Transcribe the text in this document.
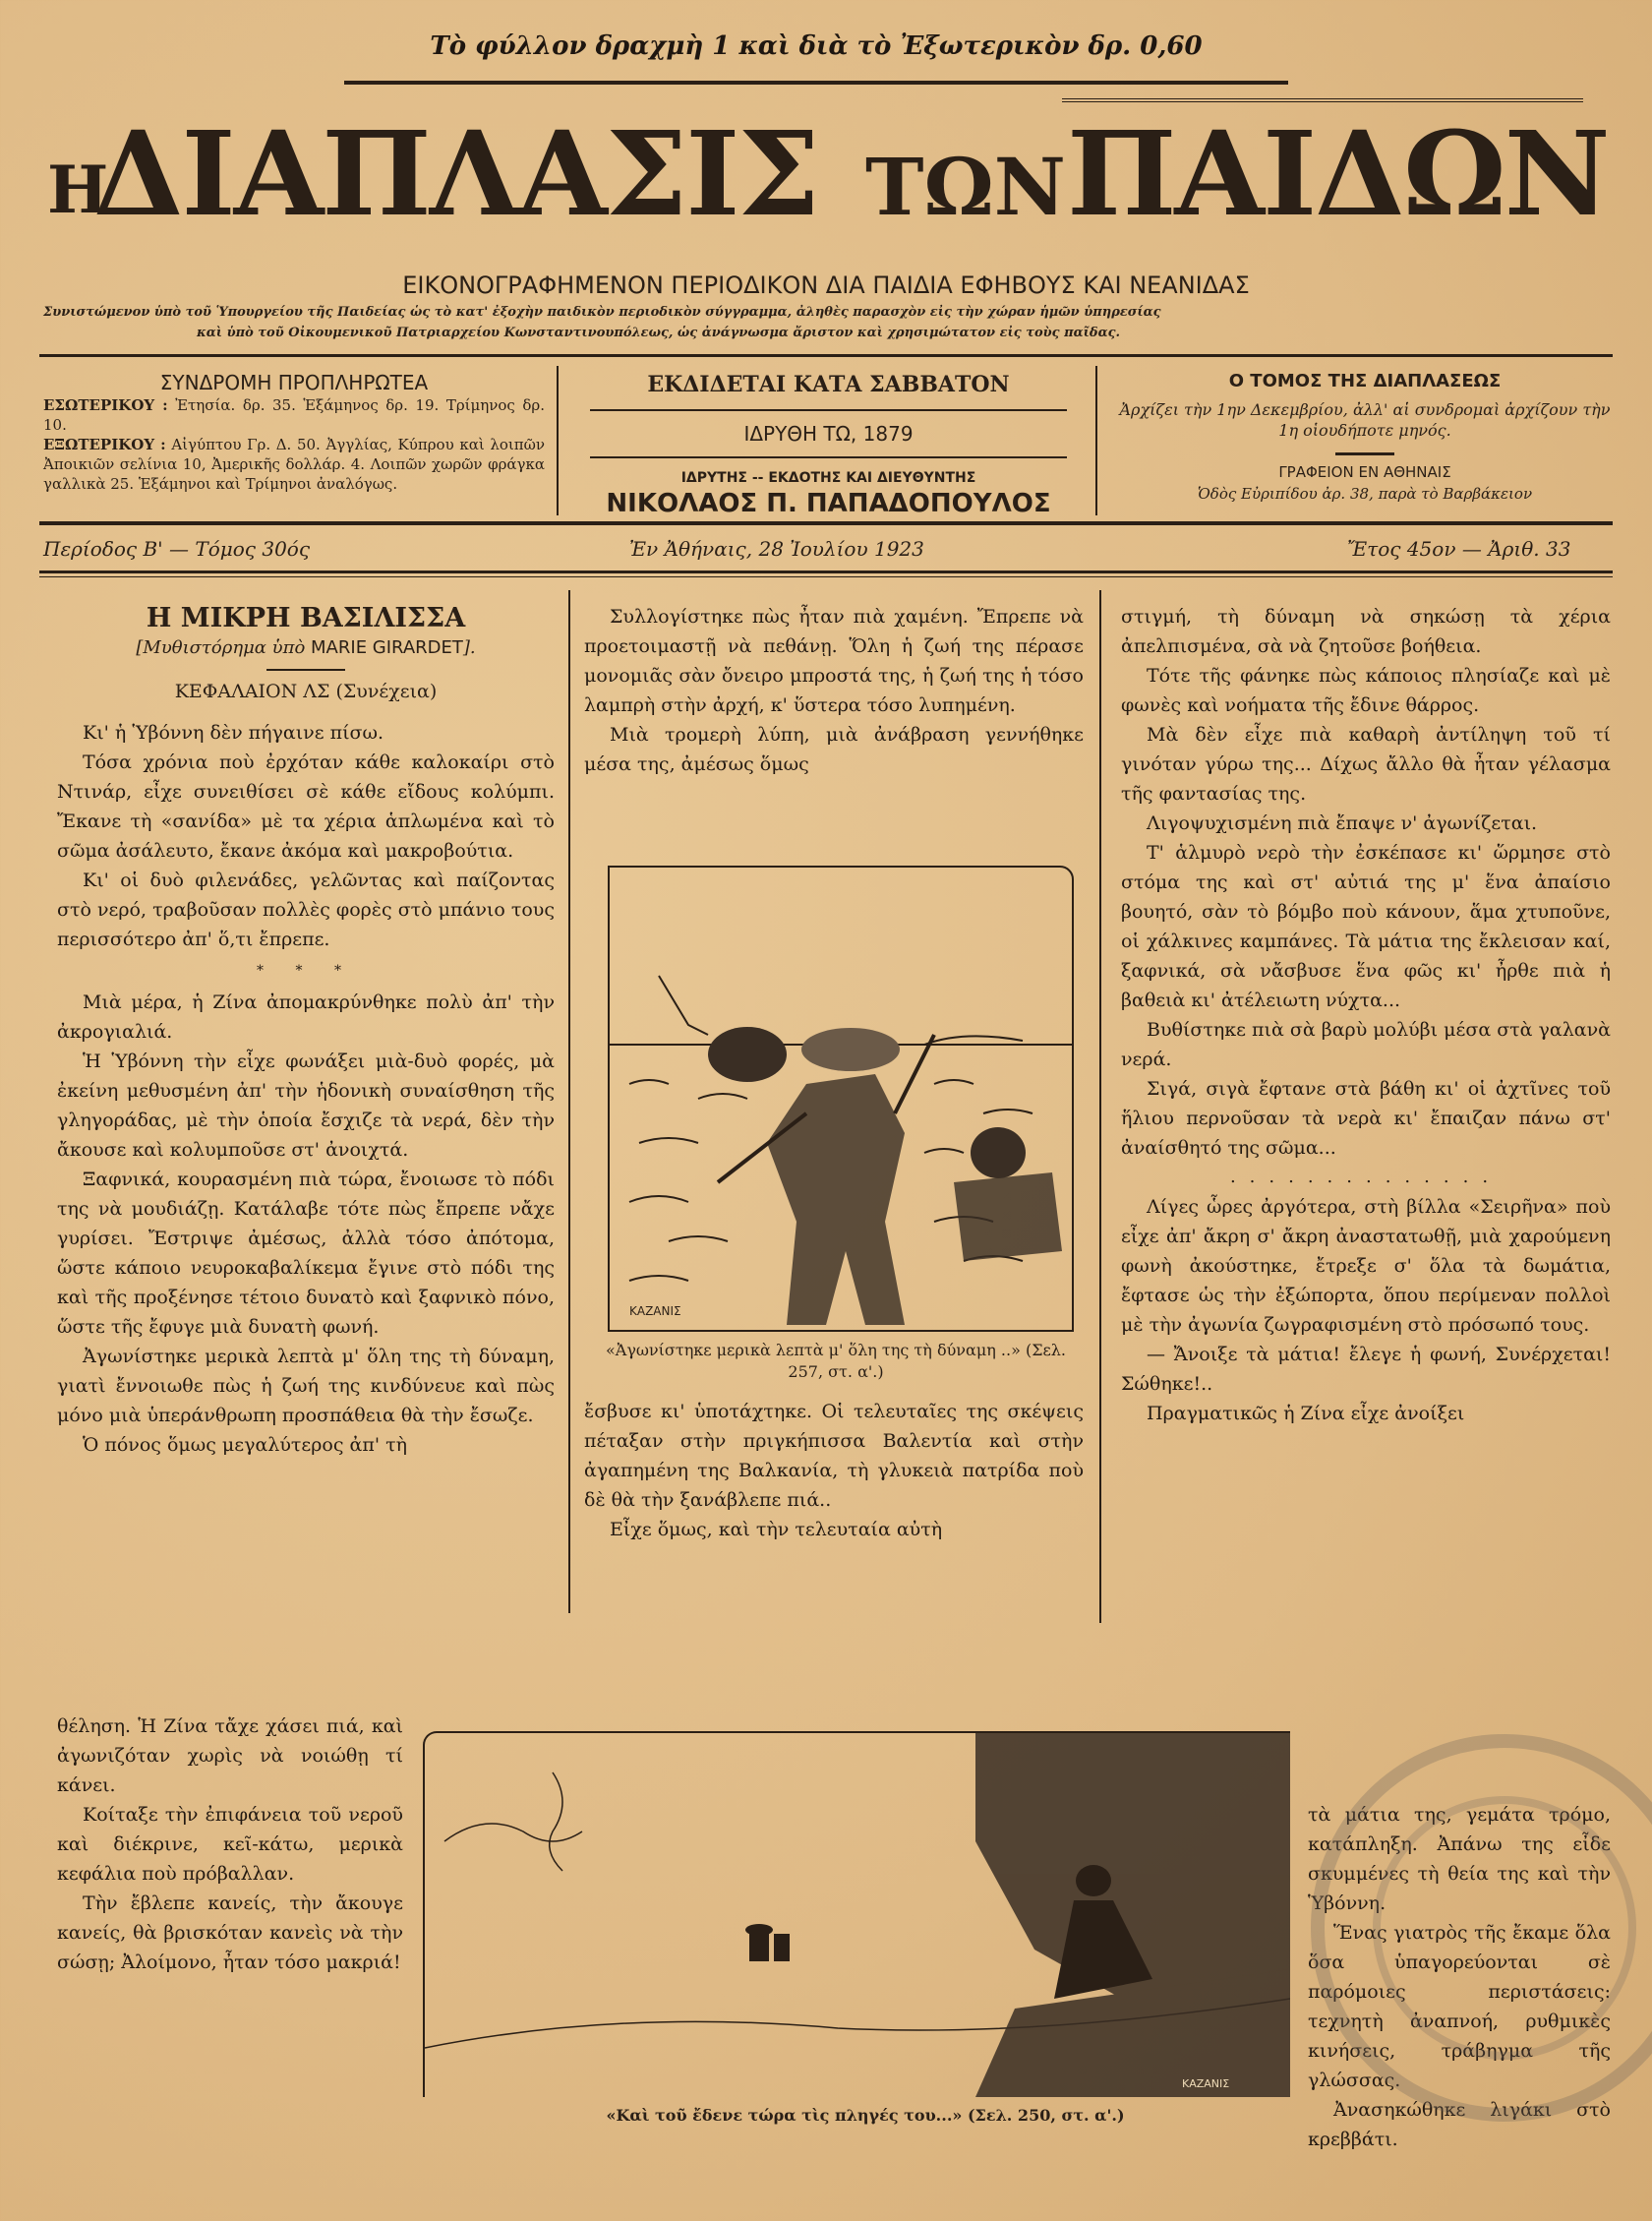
Τὸ φύλλον δραχμὴ 1 καὶ διὰ τὸ Ἐξωτερικὸν δρ. 0,60
Η
ΔΙΑΠΛΑΣΙΣ ΤΩΝ ΠΑΙΔΩΝ
ΕΙΚΟΝΟΓΡΑΦΗΜΕΝΟΝ ΠΕΡΙΟΔΙΚΟΝ ΔΙΑ ΠΑΙΔΙΑ ΕΦΗΒΟΥΣ ΚΑΙ ΝΕΑΝΙΔΑΣ
Συνιστώμενον ὑπὸ τοῦ Ὑπουργείου τῆς Παιδείας ὡς τὸ κατ' ἐξοχὴν παιδικὸν περιοδικὸν σύγγραμμα, ἀληθὲς παρασχὸν εἰς τὴν χώραν ἡμῶν ὑπηρεσίας
καὶ ὑπὸ τοῦ Οἰκουμενικοῦ Πατριαρχείου Κωνσταντινουπόλεως, ὡς ἀνάγνωσμα ἄριστον καὶ χρησιμώτατον εἰς τοὺς παῖδας.
ΣΥΝΔΡΟΜΗ ΠΡΟΠΛΗΡΩΤΕΑ
ΕΣΩΤΕΡΙΚΟΥ : Ἐτησία. δρ. 35. Ἑξάμηνος δρ. 19. Τρίμηνος δρ. 10.
ΕΞΩΤΕΡΙΚΟΥ : Αἰγύπτου Γρ. Δ. 50. Ἀγγλίας, Κύπρου καὶ λοιπῶν Ἀποικιῶν σελίνια 10, Ἀμερικῆς δολλάρ. 4. Λοιπῶν χωρῶν φράγκα γαλλικὰ 25. Ἑξάμηνοι καὶ Τρίμηνοι ἀναλόγως.
ΕΚΔΙΔΕΤΑΙ ΚΑΤΑ ΣΑΒΒΑΤΟΝ
ΙΔΡΥΘΗ ΤΩ, 1879
ΙΔΡΥΤΗΣ -- ΕΚΔΟΤΗΣ ΚΑΙ ΔΙΕΥΘΥΝΤΗΣ
ΝΙΚΟΛΑΟΣ Π. ΠΑΠΑΔΟΠΟΥΛΟΣ
Ο ΤΟΜΟΣ ΤΗΣ ΔΙΑΠΛΑΣΕΩΣ
Ἀρχίζει τὴν 1ην Δεκεμβρίου, ἀλλ' αἱ συνδρομαὶ ἀρχίζουν τὴν 1η οἱουδήποτε μηνός.
ΓΡΑΦΕΙΟΝ ΕΝ ΑΘΗΝΑΙΣ
Ὁδὸς Εὐριπίδου ἀρ. 38, παρὰ τὸ Βαρβάκειον
Περίοδος Β' — Τόμος 30ός	Ἐν Ἀθήναις, 28 Ἰουλίου 1923	Ἔτος 45ον — Ἀριθ. 33
Η ΜΙΚΡΗ ΒΑΣΙΛΙΣΣΑ
[Μυθιστόρημα ὑπὸ MARIE GIRARDET].
ΚΕΦΑΛΑΙΟΝ ΛΣ (Συνέχεια)

Κι' ἡ Ὑβόννη δὲν πήγαινε πίσω.

Τόσα χρόνια ποὺ ἐρχόταν κάθε καλοκαίρι στὸ Ντινάρ, εἶχε συνειθίσει σὲ κάθε εἴδους κολύμπι. Ἔκανε τὴ «σανίδα» μὲ τα χέρια ἁπλωμένα καὶ τὸ σῶμα ἀσάλευτο, ἔκανε ἀκόμα καὶ μακροβούτια.

Κι' οἱ δυὸ φιλενάδες, γελῶντας καὶ παίζοντας στὸ νερό, τραβοῦσαν πολλὲς φορὲς στὸ μπάνιο τους περισσότερο ἀπ' ὅ,τι ἔπρεπε.

* * *

Μιὰ μέρα, ἡ Ζίνα ἀπομακρύνθηκε πολὺ ἀπ' τὴν ἀκρογιαλιά.

Ἡ Ὑβόννη τὴν εἶχε φωνάξει μιὰ-δυὸ φορές, μὰ ἐκείνη μεθυσμένη ἀπ' τὴν ἡδονικὴ συναίσθηση τῆς γληγοράδας, μὲ τὴν ὁποία ἔσχιζε τὰ νερά, δὲν τὴν ἄκουσε καὶ κολυμποῦσε στ' ἀνοιχτά.

Ξαφνικά, κουρασμένη πιὰ τώρα, ἔνοιωσε τὸ πόδι της νὰ μουδιάζῃ. Κατάλαβε τότε πὼς ἔπρεπε νἄχε γυρίσει. Ἔστριψε ἀμέσως, ἀλλὰ τόσο ἀπότομα, ὥστε κάποιο νευροκαβαλίκεμα ἔγινε στὸ πόδι της καὶ τῆς προξένησε τέτοιο δυνατὸ καὶ ξαφνικὸ πόνο, ὥστε τῆς ἔφυγε μιὰ δυνατὴ φωνή.

Ἀγωνίστηκε μερικὰ λεπτὰ μ' ὅλη της τὴ δύναμη, γιατὶ ἔννοιωθε πὼς ἡ ζωή της κινδύνευε καὶ πὼς μόνο μιὰ ὑπεράνθρωπη προσπάθεια θὰ τὴν ἔσωζε.

Ὁ πόνος ὅμως μεγαλύτερος ἀπ' τὴ

θέληση. Ἡ Ζίνα τἄχε χάσει πιά, καὶ ἀγωνιζόταν χωρὶς νὰ νοιώθῃ τί κάνει.

Κοίταξε τὴν ἐπιφάνεια τοῦ νεροῦ καὶ διέκρινε, κεῖ-κάτω, μερικὰ κεφάλια ποὺ πρόβαλλαν.

Τὴν ἔβλεπε κανείς, τὴν ἄκουγε κανείς, θὰ βρισκόταν κανεὶς νὰ τὴν σώσῃ; Ἀλοίμονο, ἦταν τόσο μακριά!

Συλλογίστηκε πὼς ἦταν πιὰ χαμένη. Ἔπρεπε νὰ προετοιμαστῇ νὰ πεθάνῃ. Ὅλη ἡ ζωή της πέρασε μονομιᾶς σὰν ὄνειρο μπροστά της, ἡ ζωή της ἡ τόσο λαμπρὴ στὴν ἀρχή, κ' ὕστερα τόσο λυπημένη.

Μιὰ τρομερὴ λύπη, μιὰ ἀνάβραση γεννήθηκε μέσα της, ἀμέσως ὅμως

ΚΑΖΑΝΙΣ
«Ἀγωνίστηκε μερικὰ λεπτὰ μ' ὅλη της τὴ δύναμη ..» (Σελ. 257, στ. α'.)

ἔσβυσε κι' ὑποτάχτηκε. Οἱ τελευταῖες της σκέψεις πέταξαν στὴν πριγκήπισσα Βαλεντία καὶ στὴν ἀγαπημένη της Βαλκανία, τὴ γλυκειὰ πατρίδα ποὺ δὲ θὰ τὴν ξανάβλεπε πιά..

Εἶχε ὅμως, καὶ τὴν τελευταία αὐτὴ

στιγμή, τὴ δύναμη νὰ σηκώσῃ τὰ χέρια ἀπελπισμένα, σὰ νὰ ζητοῦσε βοήθεια.

Τότε τῆς φάνηκε πὼς κάποιος πλησίαζε καὶ μὲ φωνὲς καὶ νοήματα τῆς ἔδινε θάρρος.

Μὰ δὲν εἶχε πιὰ καθαρὴ ἀντίληψη τοῦ τί γινόταν γύρω της... Δίχως ἄλλο θὰ ἦταν γέλασμα τῆς φαντασίας της.

Λιγοψυχισμένη πιὰ ἔπαψε ν' ἀγωνίζεται.

Τ' ἁλμυρὸ νερὸ τὴν ἐσκέπασε κι' ὥρμησε στὸ στόμα της καὶ στ' αὐτιά της μ' ἕνα ἀπαίσιο βουητό, σὰν τὸ βόμβο ποὺ κάνουν, ἅμα χτυποῦνε, οἱ χάλκινες καμπάνες. Τὰ μάτια της ἔκλεισαν καί, ξαφνικά, σὰ νἄσβυσε ἕνα φῶς κι' ἦρθε πιὰ ἡ βαθειὰ κι' ἀτέλειωτη νύχτα...

Βυθίστηκε πιὰ σὰ βαρὺ μολύβι μέσα στὰ γαλανὰ νερά.

Σιγά, σιγὰ ἔφτανε στὰ βάθη κι' οἱ ἀχτῖνες τοῦ ἥλιου περνοῦσαν τὰ νερὰ κι' ἔπαιζαν πάνω στ' ἀναίσθητό της σῶμα...

..............

Λίγες ὧρες ἀργότερα, στὴ βίλλα «Σειρῆνα» ποὺ εἶχε ἀπ' ἄκρη σ' ἄκρη ἀναστατωθῇ, μιὰ χαρούμενη φωνὴ ἀκούστηκε, ἔτρεξε σ' ὅλα τὰ δωμάτια, ἔφτασε ὡς τὴν ἐξώπορτα, ὅπου περίμεναν πολλοὶ μὲ τὴν ἀγωνία ζωγραφισμένη στὸ πρόσωπό τους.

— Ἄνοιξε τὰ μάτια! ἔλεγε ἡ φωνή, Συνέρχεται! Σώθηκε!..

Πραγματικῶς ἡ Ζίνα εἶχε ἀνοίξει

τὰ μάτια της, γεμάτα τρόμο, κατάπληξη. Ἀπάνω της εἶδε σκυμμένες τὴ θεία της καὶ τὴν Ὑβόννη.

Ἕνας γιατρὸς τῆς ἔκαμε ὅλα ὅσα ὑπαγορεύονται σὲ παρόμοιες περιστάσεις: τεχνητὴ ἀναπνοή, ρυθμικὲς κινήσεις, τράβηγμα τῆς γλώσσας.

Ἀνασηκώθηκε λιγάκι στὸ κρεββάτι.

ΚΑΖΑΝΙΣ
«Καὶ τοῦ ἔδενε τώρα τὶς πληγές του...» (Σελ. 250, στ. α'.)
